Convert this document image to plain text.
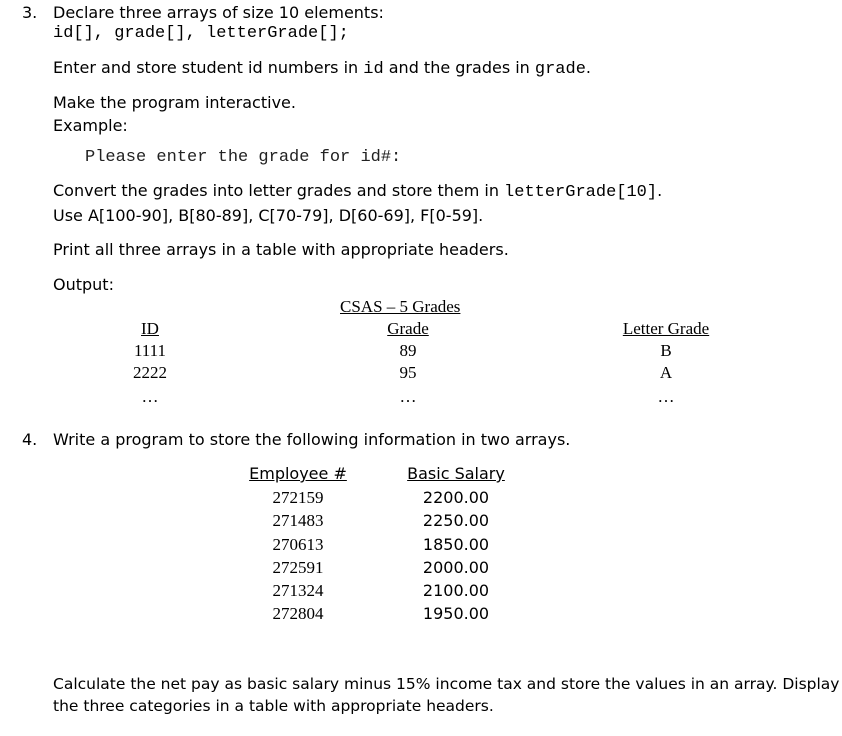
3. Declare three arrays of size 10 elements:
id[], grade[], letterGrade[];
Enter and store student id numbers in id and the grades in grade.
Make the program interactive.
Example:
Please enter the grade for id#:
Convert the grades into letter grades and store them in letterGrade[10].
Use A[100-90], B[80-89], C[70-79], D[60-69], F[0-59].
Print all three arrays in a table with appropriate headers.
Output:
CSAS – 5 Grades
ID	Grade	Letter Grade
1111	89	B
2222	95	A
…	…	…
4. Write a program to store the following information in two arrays.
Employee #	Basic Salary
272159	2200.00
271483	2250.00
270613	1850.00
272591	2000.00
271324	2100.00
272804	1950.00
Calculate the net pay as basic salary minus 15% income tax and store the values in an array. Display
the three categories in a table with appropriate headers.
